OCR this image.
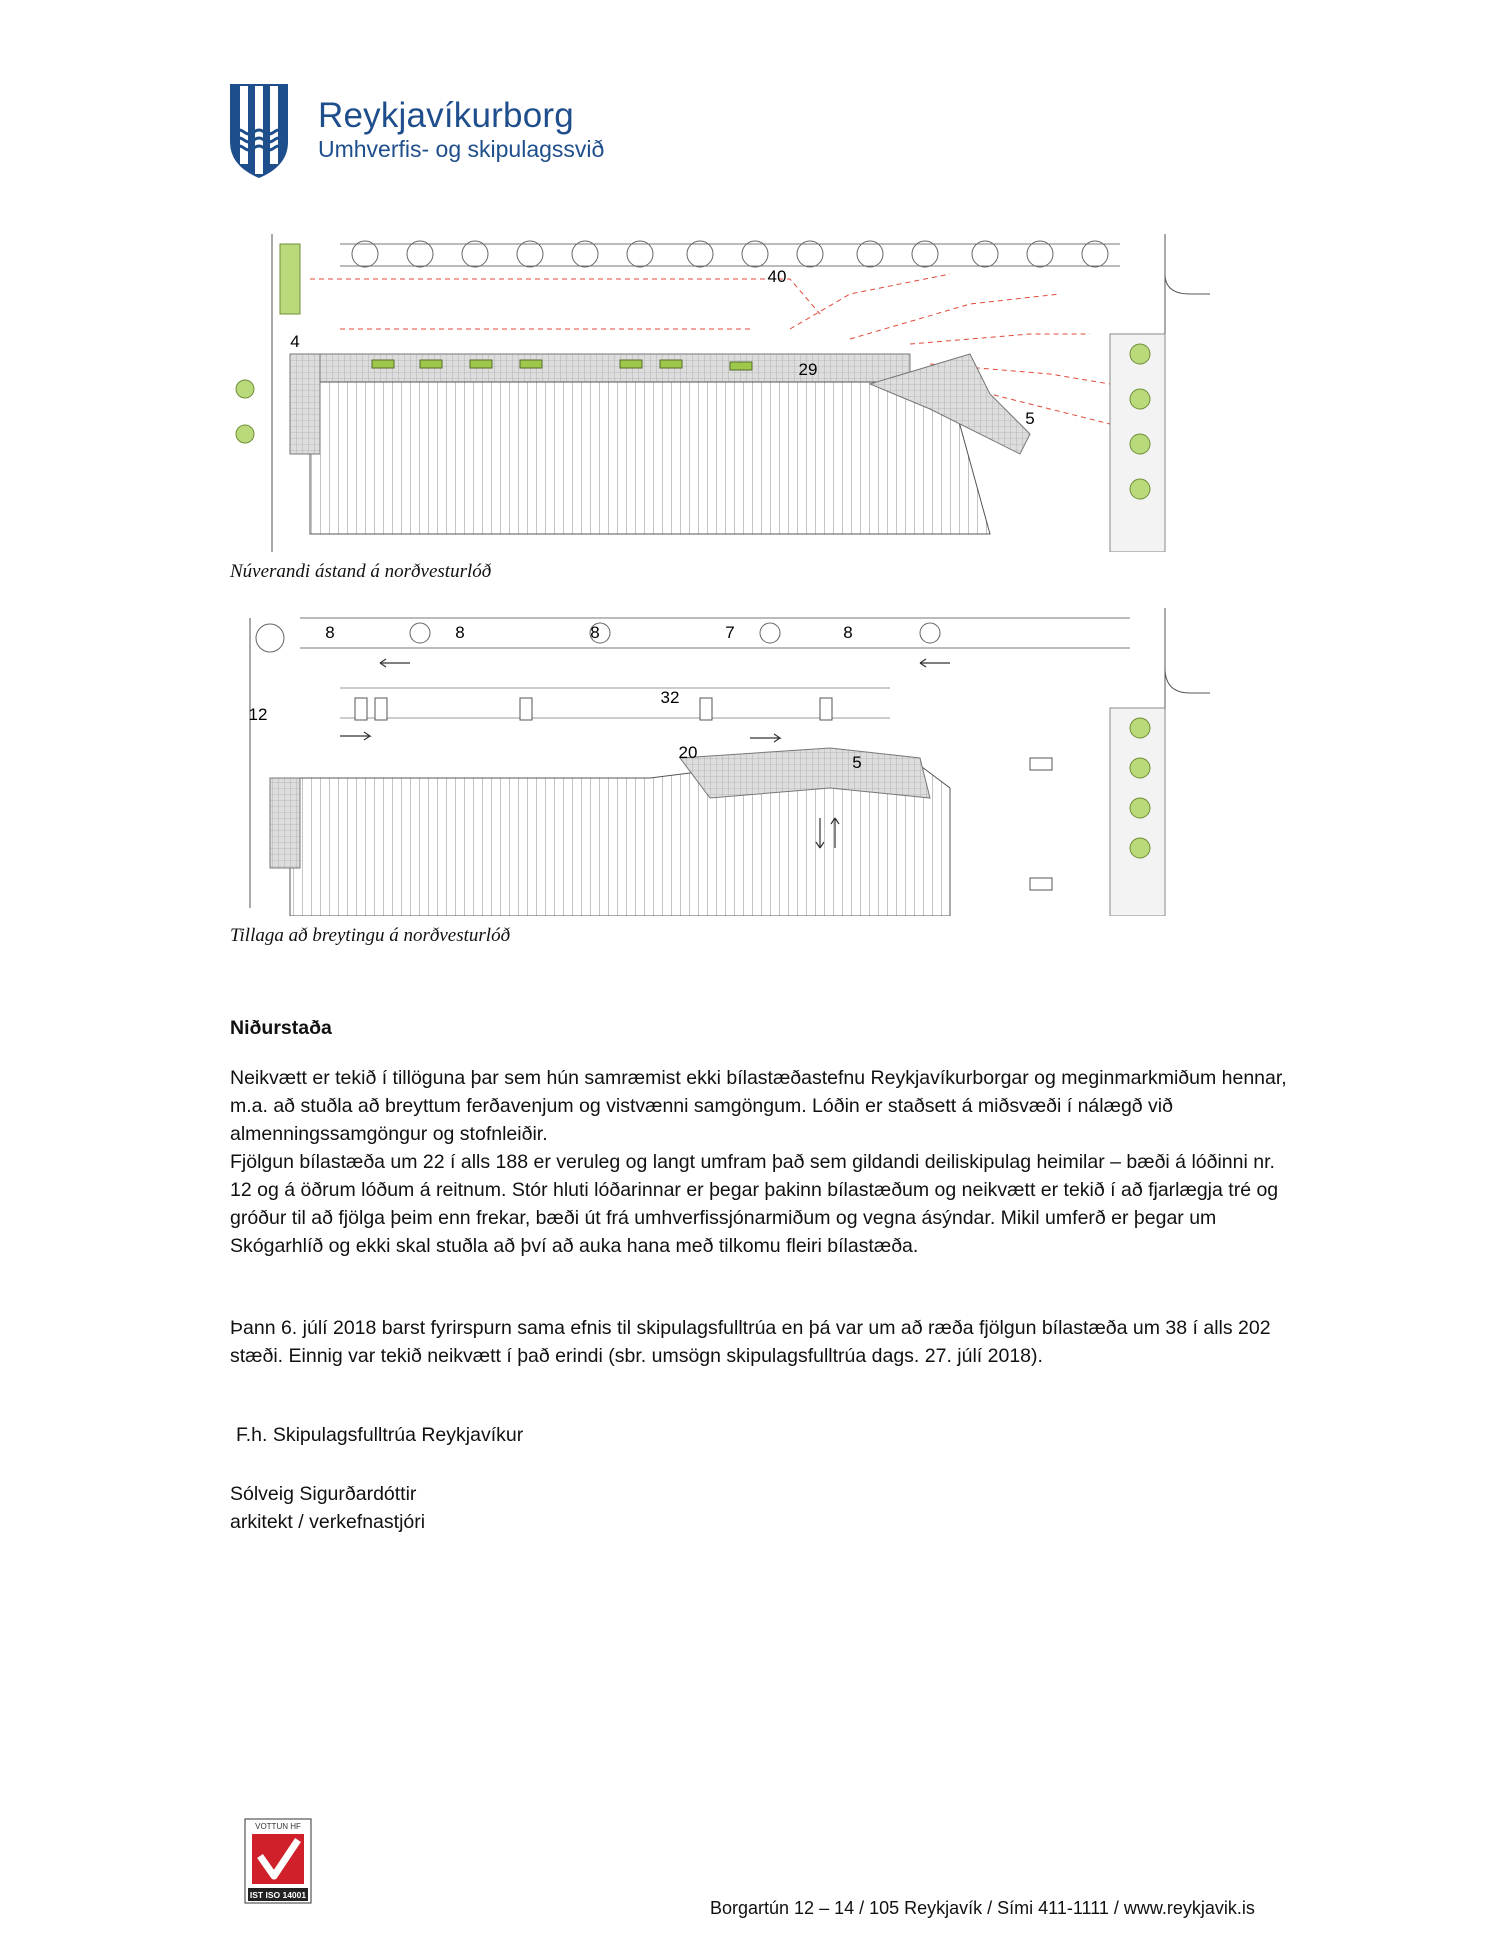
Reykjavíkurborg
Umhverfis- og skipulagssvið
40
4
29
5
Núverandi ástand á norðvesturlóð
8	8	8	7	8
12
32
20
5
Tillaga að breytingu á norðvesturlóð
Niðurstaða
Neikvætt er tekið í tillöguna þar sem hún samræmist ekki bílastæðastefnu Reykjavíkurborgar og meginmarkmiðum hennar, m.a. að stuðla að breyttum ferðavenjum og vistvænni samgöngum. Lóðin er staðsett á miðsvæði í nálægð við almenningssamgöngur og stofnleiðir.
Fjölgun bílastæða um 22 í alls 188 er veruleg og langt umfram það sem gildandi deiliskipulag heimilar – bæði á lóðinni nr. 12 og á öðrum lóðum á reitnum. Stór hluti lóðarinnar er þegar þakinn bílastæðum og neikvætt er tekið í að fjarlægja tré og gróður til að fjölga þeim enn frekar, bæði út frá umhverfissjónarmiðum og vegna ásýndar. Mikil umferð er þegar um Skógarhlíð og ekki skal stuðla að því að auka hana með tilkomu fleiri bílastæða.
Þann 6. júlí 2018 barst fyrirspurn sama efnis til skipulagsfulltrúa en þá var um að ræða fjölgun bílastæða um 38 í alls 202 stæði. Einnig var tekið neikvætt í það erindi (sbr. umsögn skipulagsfulltrúa dags. 27. júlí 2018).
F.h. Skipulagsfulltrúa Reykjavíkur
Sólveig Sigurðardóttir
arkitekt / verkefnastjóri
VOTTUN HF
IST ISO 14001
Borgartún 12 – 14 / 105 Reykjavík / Sími 411-1111 / www.reykjavik.is
